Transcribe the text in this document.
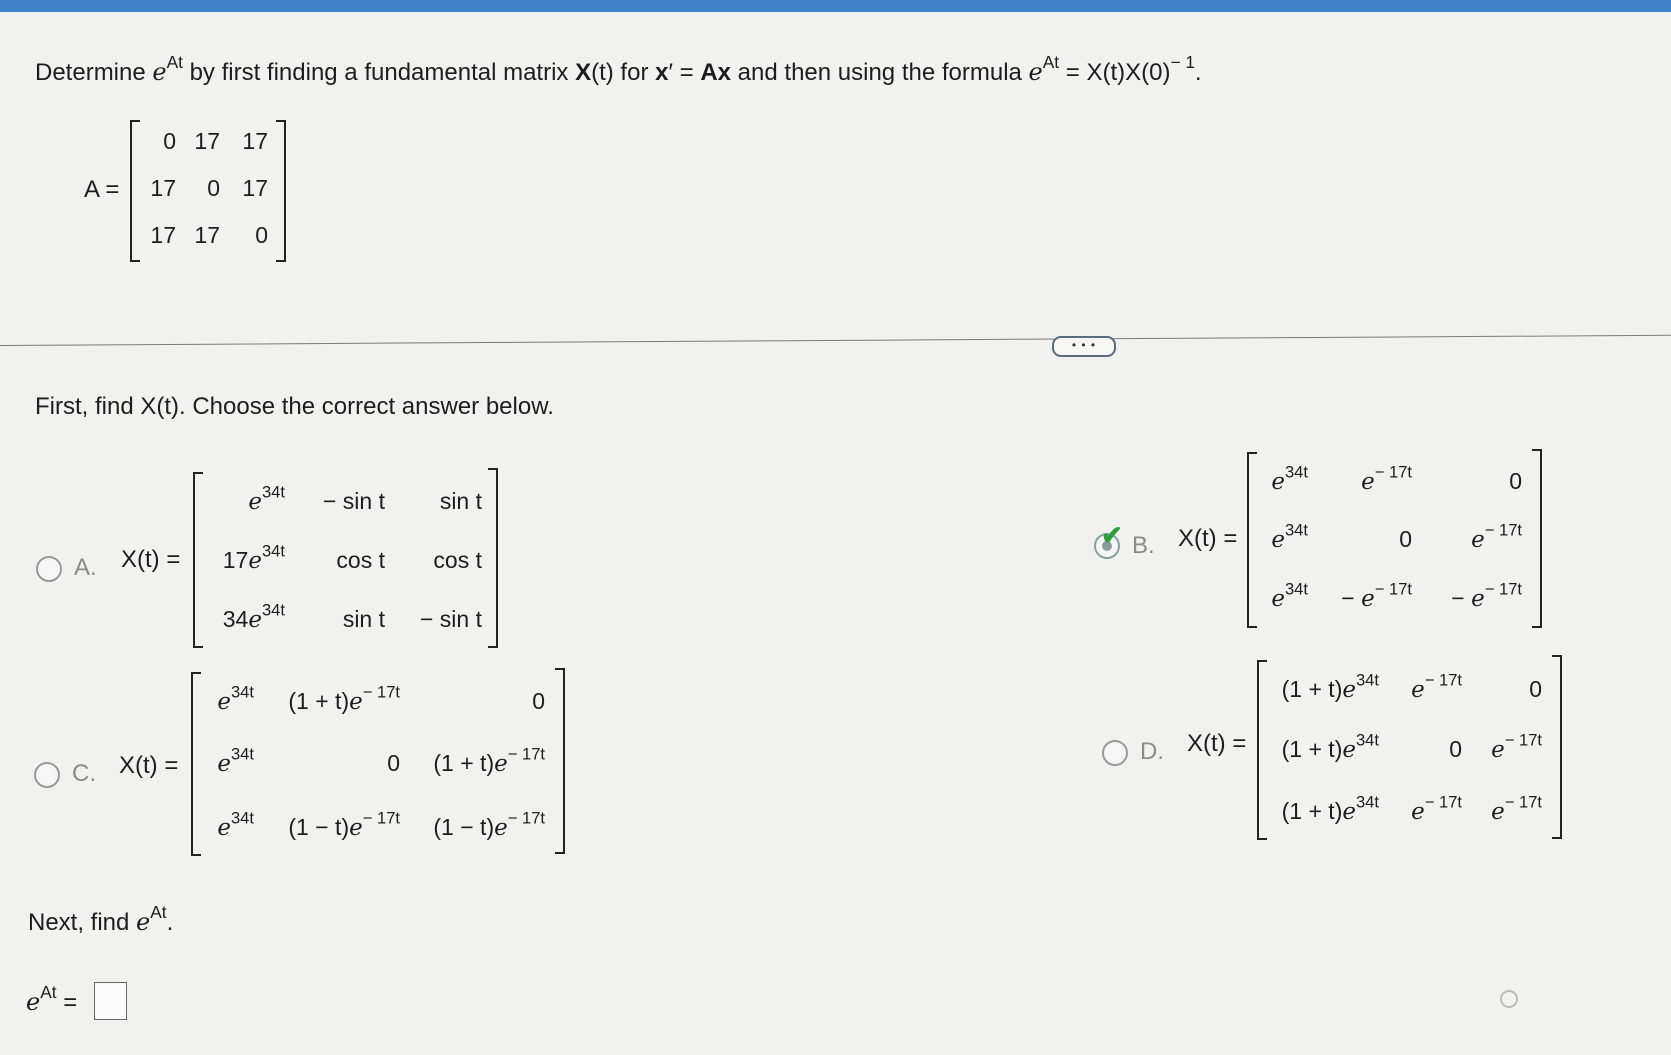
Determine $e^{At}$ by first finding a fundamental matrix X(t) for x′ = Ax and then using the formula $e^{At} = X(t)X(0)^{- 1}$.
A =
0 17 17
17	0 17
17 17	0
• • •
First, find X(t). Choose the correct answer below.
A. X(t) =
✔ B. X(t) =
C. X(t) =
D. X(t) =
$e^{34t}$	− sin t	sin t
$17e^{34t}$	cos t	cos t
$34e^{34t}$	sin t	− sin t
$e^{34t}$	$e^{- 17t}$	0
$e^{34t}$	0	$e^{- 17t}$
$e^{34t}$	− $e^{- 17t}$	− $e^{- 17t}$
$e^{34t}$	$(1 + t)e^{- 17t}$	0
$e^{34t}$	0	$(1 + t)e^{- 17t}$
$e^{34t}$	$(1 - t)e^{- 17t}$	$(1 - t)e^{- 17t}$
$(1 + t)e^{34t}$	$e^{- 17t}$	0
$(1 + t)e^{34t}$	0	$e^{- 17t}$
$(1 + t)e^{34t}$	$e^{- 17t}$	$e^{- 17t}$
Next, find $e^{At}$.
$e^{At}$ =
